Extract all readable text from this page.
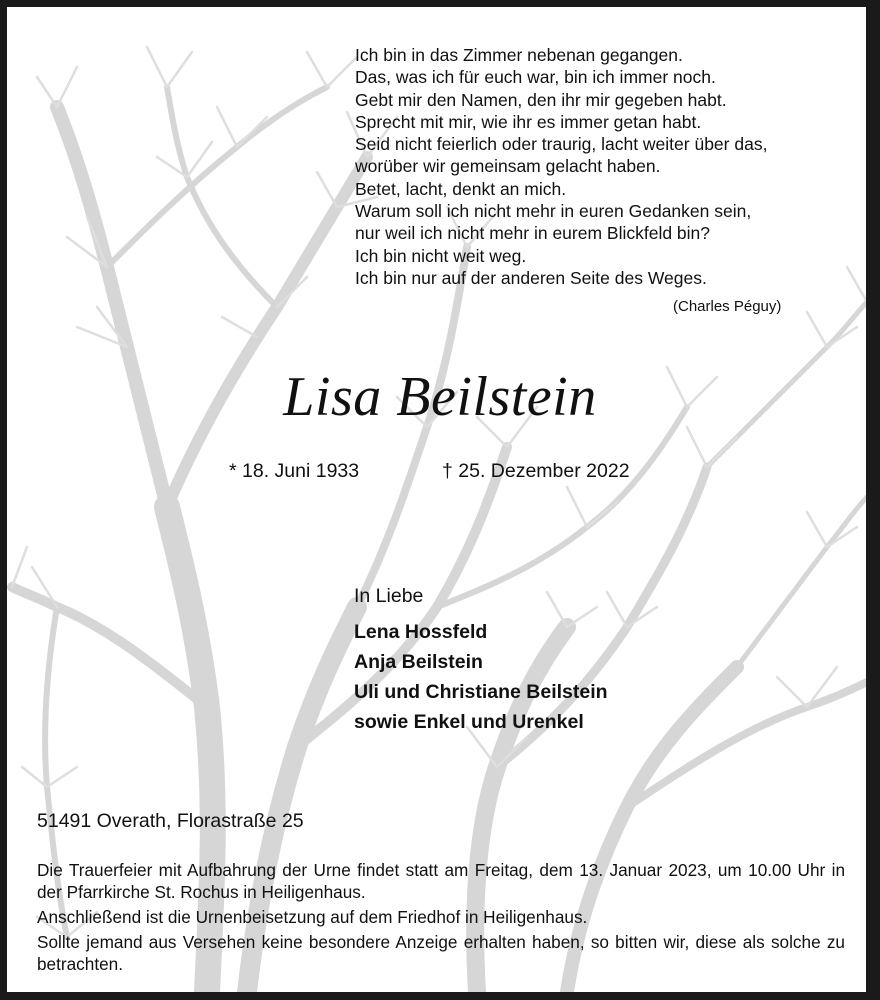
Ich bin in das Zimmer nebenan gegangen.
Das, was ich für euch war, bin ich immer noch.
Gebt mir den Namen, den ihr mir gegeben habt.
Sprecht mit mir, wie ihr es immer getan habt.
Seid nicht feierlich oder traurig, lacht weiter über das,
worüber wir gemeinsam gelacht haben.
Betet, lacht, denkt an mich.
Warum soll ich nicht mehr in euren Gedanken sein,
nur weil ich nicht mehr in eurem Blickfeld bin?
Ich bin nicht weit weg.
Ich bin nur auf der anderen Seite des Weges.
(Charles Péguy)
Lisa Beilstein
* 18. Juni 1933	† 25. Dezember 2022
In Liebe
Lena Hossfeld
Anja Beilstein
Uli und Christiane Beilstein
sowie Enkel und Urenkel
51491 Overath, Florastraße 25

Die Trauerfeier mit Aufbahrung der Urne findet statt am Freitag, dem 13. Januar 2023, um 10.00 Uhr in der Pfarrkirche St. Rochus in Heiligenhaus.

Anschließend ist die Urnenbeisetzung auf dem Friedhof in Heiligenhaus.

Sollte jemand aus Versehen keine besondere Anzeige erhalten haben, so bitten wir, diese als solche zu betrachten.
